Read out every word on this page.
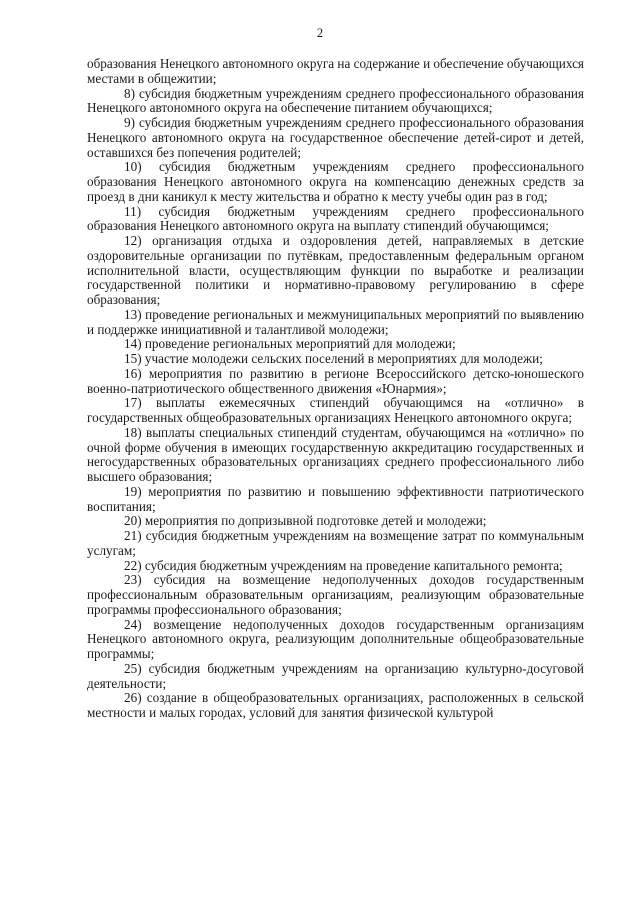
2

образования Ненецкого автономного округа на содержание и обеспечение обучающихся местами в общежитии;

8) субсидия бюджетным учреждениям среднего профессионального образования Ненецкого автономного округа на обеспечение питанием обучающихся;

9) субсидия бюджетным учреждениям среднего профессионального образования Ненецкого автономного округа на государственное обеспечение детей-сирот и детей, оставшихся без попечения родителей;

10) субсидия бюджетным учреждениям среднего профессионального образования Ненецкого автономного округа на компенсацию денежных средств за проезд в дни каникул к месту жительства и обратно к месту учебы один раз в год;

11) субсидия бюджетным учреждениям среднего профессионального образования Ненецкого автономного округа на выплату стипендий обучающимся;

12) организация отдыха и оздоровления детей, направляемых в детские оздоровительные организации по путёвкам, предоставленным федеральным органом исполнительной власти, осуществляющим функции по выработке и реализации государственной политики и нормативно-правовому регулированию в сфере образования;

13) проведение региональных и межмуниципальных мероприятий по выявлению и поддержке инициативной и талантливой молодежи;

14) проведение региональных мероприятий для молодежи;

15) участие молодежи сельских поселений в мероприятиях для молодежи;

16) мероприятия по развитию в регионе Всероссийского детско-юношеского военно-патриотического общественного движения «Юнармия»;

17) выплаты ежемесячных стипендий обучающимся на «отлично» в государственных общеобразовательных организациях Ненецкого автономного округа;

18) выплаты специальных стипендий студентам, обучающимся на «отлично» по очной форме обучения в имеющих государственную аккредитацию государственных и негосударственных образовательных организациях среднего профессионального либо высшего образования;

19) мероприятия по развитию и повышению эффективности патриотического воспитания;

20) мероприятия по допризывной подготовке детей и молодежи;

21) субсидия бюджетным учреждениям на возмещение затрат по коммунальным услугам;

22) субсидия бюджетным учреждениям на проведение капитального ремонта;

23) субсидия на возмещение недополученных доходов государственным профессиональным образовательным организациям, реализующим образовательные программы профессионального образования;

24) возмещение недополученных доходов государственным организациям Ненецкого автономного округа, реализующим дополнительные общеобразовательные программы;

25) субсидия бюджетным учреждениям на организацию культурно-досуговой деятельности;

26) создание в общеобразовательных организациях, расположенных в сельской местности и малых городах, условий для занятия физической культурой
